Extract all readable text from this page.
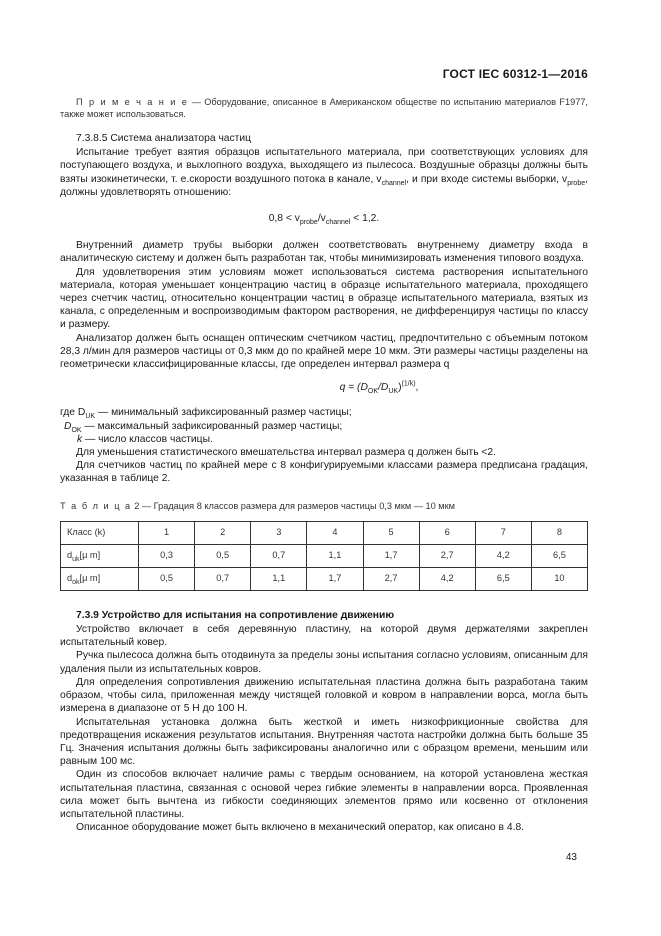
ГОСТ IEC 60312-1—2016

П р и м е ч а н и е — Оборудование, описанное в Американском обществе по испытанию материалов F1977, также может использоваться.

7.3.8.5 Система анализатора частиц

Испытание требует взятия образцов испытательного материала, при соответствующих условиях для поступающего воздуха, и выхлопного воздуха, выходящего из пылесоса. Воздушные образцы должны быть взяты изокинетически, т. е.скорости воздушного потока в канале, $v_{channel}$, и при входе системы выборки, $v_{probe}$, должны удовлетворять отношению:

$0,8 < v_{probe}/v_{channel} < 1,2$.

Внутренний диаметр трубы выборки должен соответствовать внутреннему диаметру входа в аналитическую систему и должен быть разработан так, чтобы минимизировать изменения типового воздуха.

Для удовлетворения этим условиям может использоваться система растворения испытательного материала, которая уменьшает концентрацию частиц в образце испытательного материала, проходящего через счетчик частиц, относительно концентрации частиц в образце испытательного материала, взятых из канала, с определенным и воспроизводимым фактором растворения, не дифференцируя частицы по классу и размеру.

Анализатор должен быть оснащен оптическим счетчиком частиц, предпочтительно с объемным потоком 28,3 л/мин для размеров частицы от 0,3 мкм до по крайней мере 10 мкм. Эти размеры частицы разделены на геометрически классифицированные классы, где определен интервал размера q

$q = (D_{OK}/D_{UK})^{(1/k)}$,
где $D_{UK}$ — минимальный зафиксированный размер частицы;
$D_{OK}$ — максимальный зафиксированный размер частицы;
k — число классов частицы.

Для уменьшения статистического вмешательства интервал размера q должен быть <2.

Для счетчиков частиц по крайней мере с 8 конфигурируемыми классами размера предписана градация, указанная в таблице 2.

Т а б л и ц а 2 — Градация 8 классов размера для размеров частицы 0,3 мкм — 10 мкм
Класс (k)	1	2	3	4	5	6	7	8
$d_{uk}[\mu$ m]	0,3	0,5	0,7	1,1	1,7	2,7	4,2	6,5
$d_{ok}[\mu$ m]	0,5	0,7	1,1	1,7	2,7	4,2	6,5	10
7.3.9 Устройство для испытания на сопротивление движению

Устройство включает в себя деревянную пластину, на которой двумя держателями закреплен испытательный ковер.

Ручка пылесоса должна быть отодвинута за пределы зоны испытания согласно условиям, описанным для удаления пыли из испытательных ковров.

Для определения сопротивления движению испытательная пластина должна быть разработана таким образом, чтобы сила, приложенная между чистящей головкой и ковром в направлении ворса, могла быть измерена в диапазоне от 5 Н до 100 Н.

Испытательная установка должна быть жесткой и иметь низкофрикционные свойства для предотвращения искажения результатов испытания. Внутренняя частота настройки должна быть больше 35 Гц. Значения испытания должны быть зафиксированы аналогично или с образцом времени, меньшим или равным 100 мс.

Один из способов включает наличие рамы с твердым основанием, на которой установлена жесткая испытательная пластина, связанная с основой через гибкие элементы в направлении ворса. Проявленная сила может быть вычтена из гибкости соединяющих элементов прямо или косвенно от отклонения испытательной пластины.

Описанное оборудование может быть включено в механический оператор, как описано в 4.8.

43
